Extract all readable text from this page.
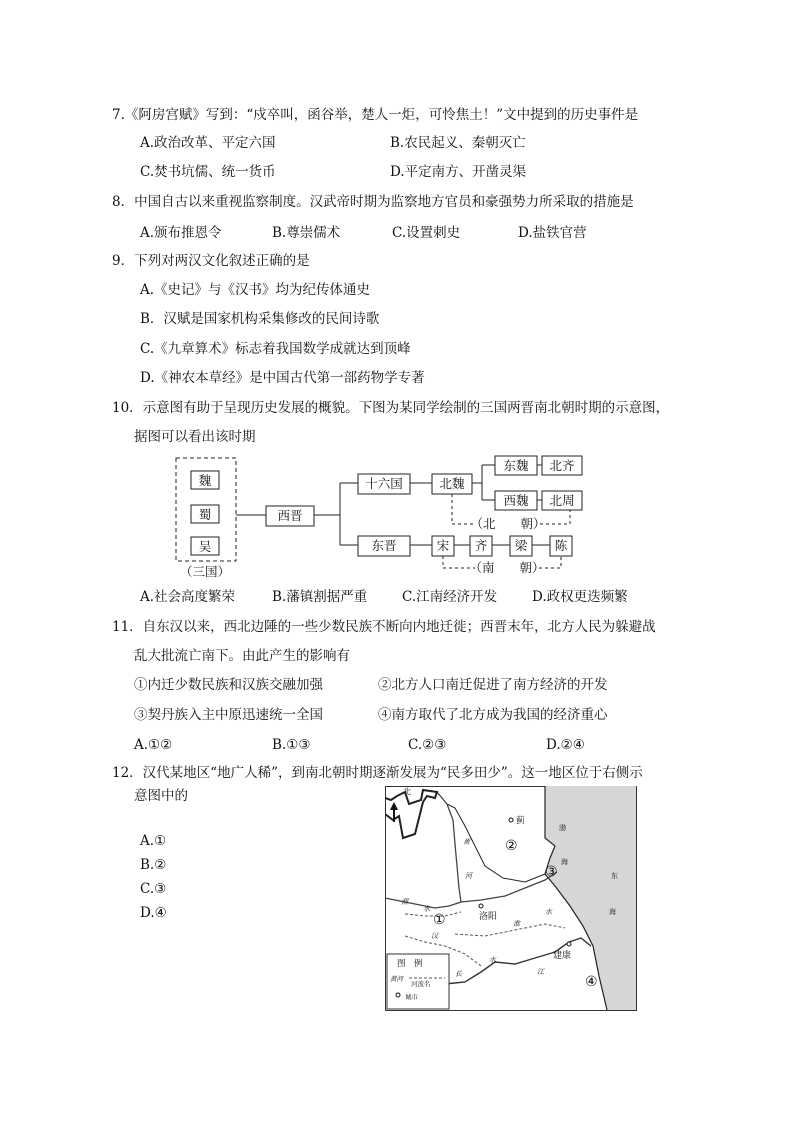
7.《阿房宫赋》写到：“戍卒叫，函谷举，楚人一炬，可怜焦土！”文中提到的历史事件是
A.政治改革、平定六国	B.农民起义、秦朝灭亡
C.焚书坑儒、统一货币	D.平定南方、开凿灵渠
8．中国自古以来重视监察制度。汉武帝时期为监察地方官员和豪强势力所采取的措施是
A.颁布推恩令	B.尊崇儒术	C.设置刺史	D.盐铁官营
9．下列对两汉文化叙述正确的是
A.《史记》与《汉书》均为纪传体通史
B．汉赋是国家机构采集修改的民间诗歌
C.《九章算术》标志着我国数学成就达到顶峰
D.《神农本草经》是中国古代第一部药物学专著
10．示意图有助于呈现历史发展的概貌。下图为某同学绘制的三国两晋南北朝时期的示意图，
据图可以看出该时期
魏
蜀
吴
（三国）
西晋
十六国	北魏
东魏 北齐
西魏 北周
（北　　朝）
东晋	宋 齐 梁 陈
（南　　朝）
A.社会高度繁荣	B.藩镇割据严重	C.江南经济开发	D.政权更迭频繁
11．自东汉以来，西北边陲的一些少数民族不断向内地迁徙；西晋末年，北方人民为躲避战
乱大批流亡南下。由此产生的影响有
①内迁少数民族和汉族交融加强	②北方人口南迁促进了南方经济的开发
③契丹族入主中原迅速统一全国	④南方取代了北方成为我国的经济重心
A.①②	B.①③	C.②③	D.②④
12．汉代某地区“地广人稀”，到南北朝时期逐渐发展为“民多田少”。这一地区位于右侧示
意图中的
A.①
B.②
C.③
D.④
北
图　例
黄河
河流名
城市
蓟
洛阳
建康
渤
海
东
海
黄
河
渭
水
淮
水
汉
水
长	江
①
②
③
④
